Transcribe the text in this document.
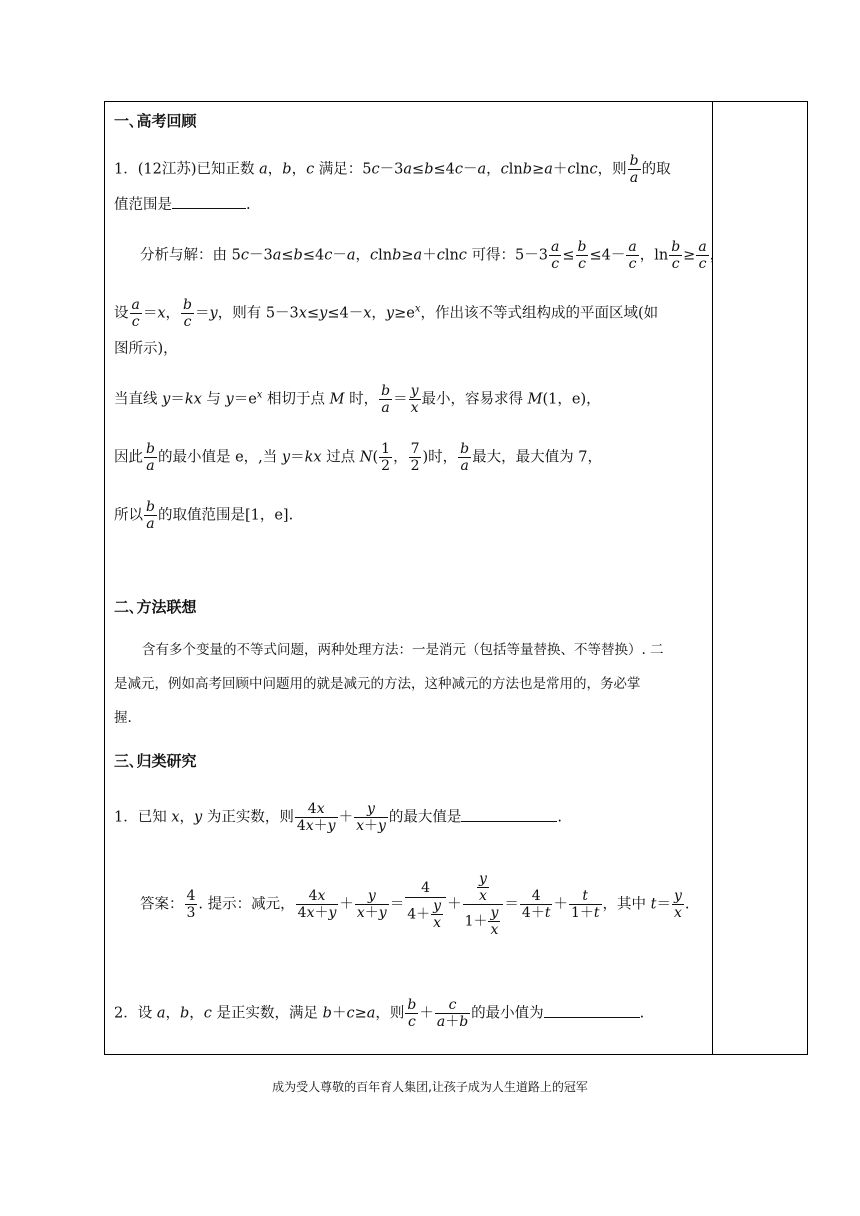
一､高考回顾
1．(12江苏)已知正数 a，b，c 满足：5c－3a≤b≤4c－a，clnb≥a＋clnc，则 $\frac{b}{a}$ 的取
值范围是	.
分析与解：由 5c－3a≤b≤4c－a，clnb≥a＋clnc 可得：$5-3 \frac{a}{c} \le \frac{b}{c} \le 4- \frac{a}{c}$ ，$\ln \frac{b}{c} \ge \frac{a}{c}$ ，
设 $\frac{a}{c} =x$， $\frac{b}{c} =y$，则有 5－3x≤y≤4－x，$y\ge e^x$，作出该不等式组构成的平面区域(如
图所示)，
当直线 y＝kx 与 $y=e^x$ 相切于点 M 时， $\frac{b}{a} = \frac{y}{x}$ 最小，容易求得 M(1，e)，
因此 $\frac{b}{a}$ 的最小值是 e，,当 y＝kx 过点 $N( \frac{1}{2}$ ， $\frac{7}{2}$ )时， $\frac{b}{a}$ 最大，最大值为 7，
所以 $\frac{b}{a}$ 的取值范围是[1，e].
二､方法联想
含有多个变量的不等式问题，两种处理方法：一是消元（包括等量替换、不等替换）. 二
是减元，例如高考回顾中问题用的就是减元的方法，这种减元的方法也是常用的，务必掌
握.
三､归类研究
1．已知 x，y 为正实数，则 $\frac{4x}{4x+y} + \frac{y}{x+y}$ 的最大值是	.
答案： $\frac{4}{3}$ . 提示：减元， $\frac{4x}{4x+y} + \frac{y}{x+y} = \frac{4}{4+ \frac{y}{x}} + \frac{\frac{y}{x}}{1+ \frac{y}{x}} = \frac{4}{4+t} + \frac{t}{1+t}$ ，其中 $t= \frac{y}{x}$ .
2．设 a，b，c 是正实数，满足 b＋c≥a，则 $\frac{b}{c} + \frac{c}{a+b}$ 的最小值为	.
成为受人尊敬的百年育人集团,让孩子成为人生道路上的冠军
